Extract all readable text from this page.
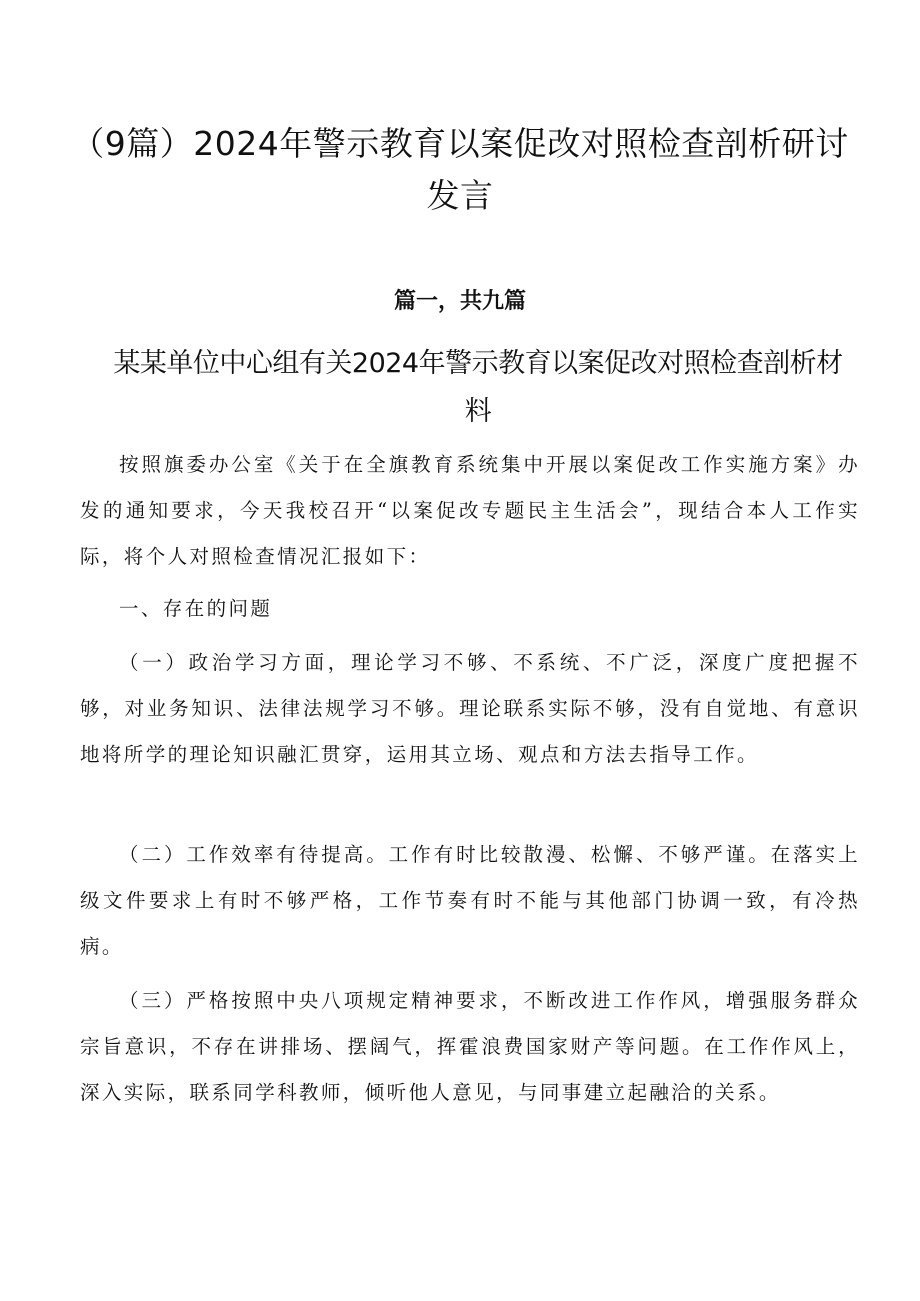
（9篇）2024年警示教育以案促改对照检查剖析研讨发言
篇一，共九篇
某某单位中心组有关2024年警示教育以案促改对照检查剖析材料

按照旗委办公室《关于在全旗教育系统集中开展以案促改工作实施方案》办发的通知要求，今天我校召开“以案促改专题民主生活会”，现结合本人工作实际，将个人对照检查情况汇报如下：

一、存在的问题

（一）政治学习方面，理论学习不够、不系统、不广泛，深度广度把握不够，对业务知识、法律法规学习不够。理论联系实际不够，没有自觉地、有意识地将所学的理论知识融汇贯穿，运用其立场、观点和方法去指导工作。

（二）工作效率有待提高。工作有时比较散漫、松懈、不够严谨。在落实上级文件要求上有时不够严格，工作节奏有时不能与其他部门协调一致，有冷热病。

（三）严格按照中央八项规定精神要求，不断改进工作作风，增强服务群众宗旨意识，不存在讲排场、摆阔气，挥霍浪费国家财产等问题。在工作作风上，深入实际，联系同学科教师，倾听他人意见，与同事建立起融洽的关系。
